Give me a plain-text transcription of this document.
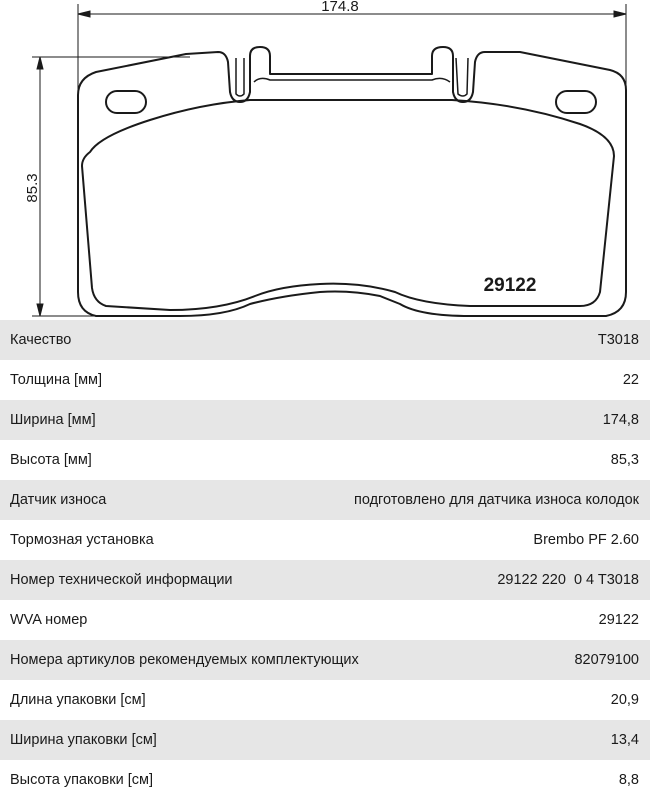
174.8
85.3
29122
Качество	T3018
Толщина [мм]	22
Ширина [мм]	174,8
Высота [мм]	85,3
Датчик износа	подготовлено для датчика износа колодок
Тормозная установка	Brembo PF 2.60
Номер технической информации	29122 220  0 4 T3018
WVA номер	29122
Номера артикулов рекомендуемых комплектующих	82079100
Длина упаковки [см]	20,9
Ширина упаковки [см]	13,4
Высота упаковки [см]	8,8
